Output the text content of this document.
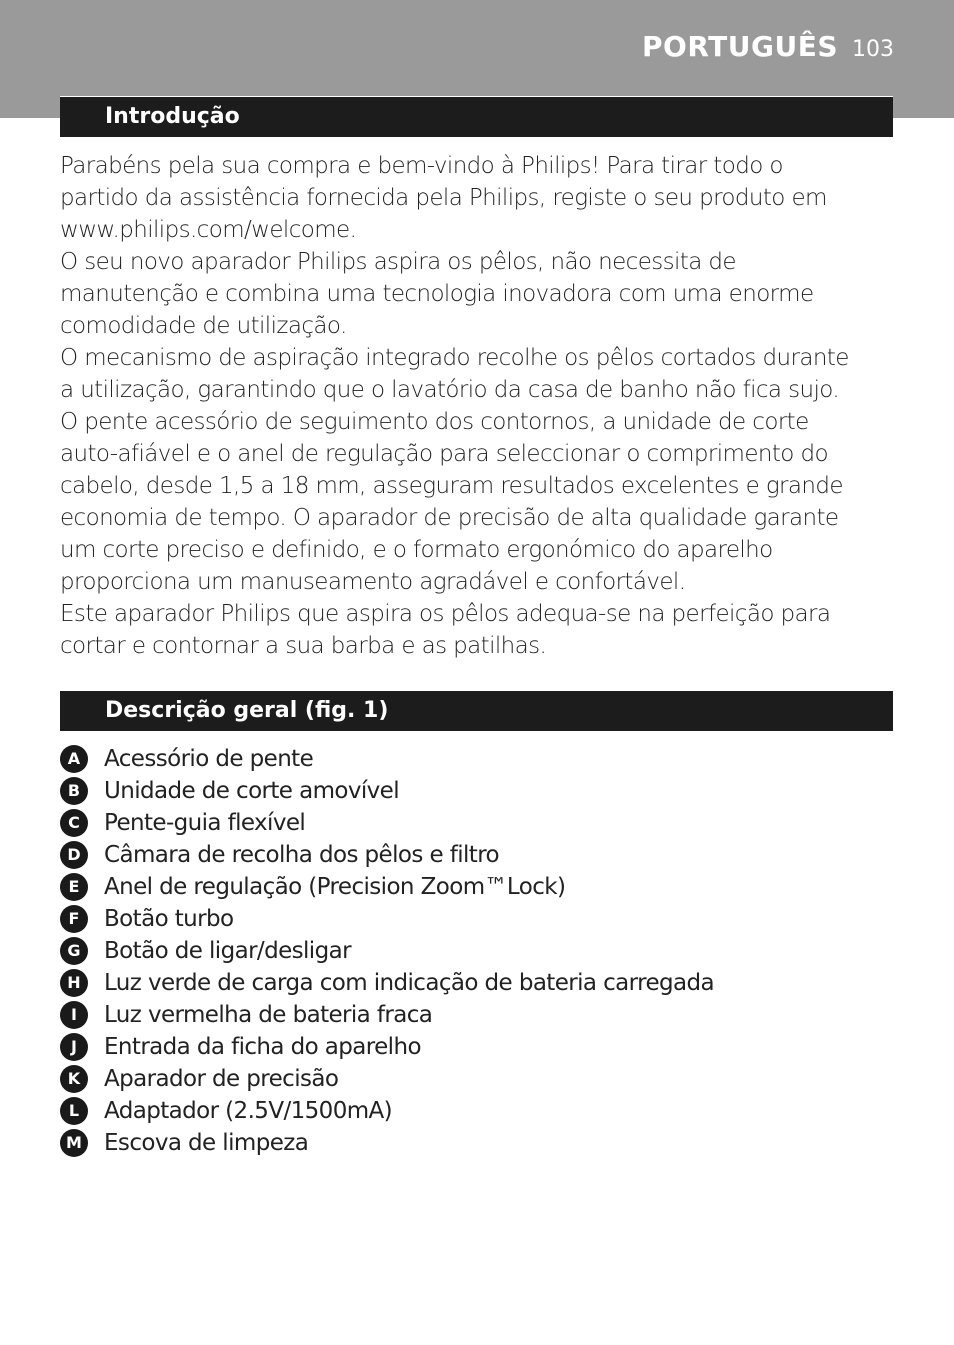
PORTUGUÊS 103
Introdução

Parabéns pela sua compra e bem-vindo à Philips! Para tirar todo o

partido da assistência fornecida pela Philips, registe o seu produto em

www.philips.com/welcome.

O seu novo aparador Philips aspira os pêlos, não necessita de

manutenção e combina uma tecnologia inovadora com uma enorme

comodidade de utilização.

O mecanismo de aspiração integrado recolhe os pêlos cortados durante

a utilização, garantindo que o lavatório da casa de banho não fica sujo.

O pente acessório de seguimento dos contornos, a unidade de corte

auto-afiável e o anel de regulação para seleccionar o comprimento do

cabelo, desde 1,5 a 18 mm, asseguram resultados excelentes e grande

economia de tempo. O aparador de precisão de alta qualidade garante

um corte preciso e definido, e o formato ergonómico do aparelho

proporciona um manuseamento agradável e confortável.

Este aparador Philips que aspira os pêlos adequa-se na perfeição para

cortar e contornar a sua barba e as patilhas.

Descrição geral (fig. 1)
A	Acessório de pente
B	Unidade de corte amovível
C	Pente-guia flexível
D	Câmara de recolha dos pêlos e filtro
E	Anel de regulação (Precision Zoom™Lock)
F	Botão turbo
G	Botão de ligar/desligar
H	Luz verde de carga com indicação de bateria carregada
I	Luz vermelha de bateria fraca
J	Entrada da ficha do aparelho
K	Aparador de precisão
L	Adaptador (2.5V/1500mA)
M Escova de limpeza
